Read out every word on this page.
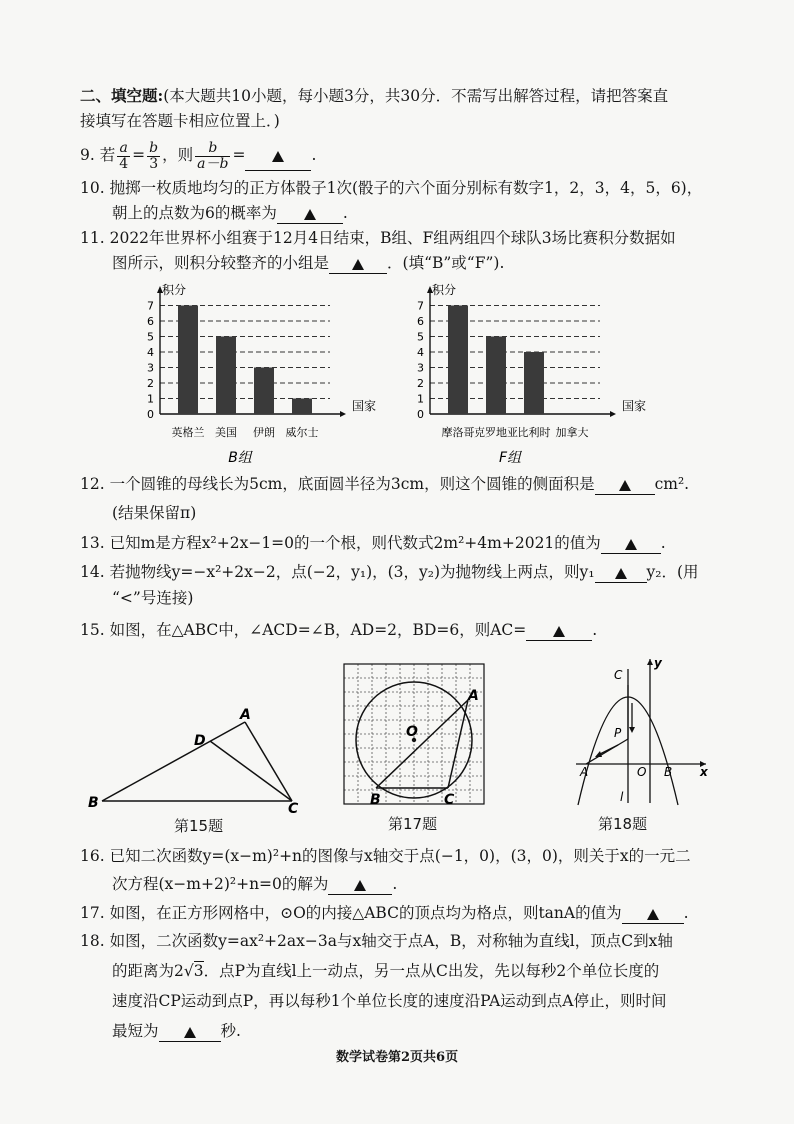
二、填空题:(本大题共10小题，每小题3分，共30分．不需写出解答过程，请把答案直
接填写在答题卡相应位置上．)
9. 若 $\frac{a}{4} = \frac{b}{3}$ ，则 $\frac{b}{a-b}$ =	.
10. 抛掷一枚质地均匀的正方体骰子1次(骰子的六个面分别标有数字1，2，3，4，5，6)，
朝上的点数为6的概率为	.
11. 2022年世界杯小组赛于12月4日结束，B组、F组两组四个球队3场比赛积分数据如
图所示，则积分较整齐的小组是	．(填“B”或“F”).
0
1
2
3
4
5
6
7
积分
国家
英格兰 美国 伊朗 威尔士
B组
0
1
2
3
4
5
6
7
积分
国家
摩洛哥 克罗地亚 比利时 加拿大
F组
12. 一个圆锥的母线长为5cm，底面圆半径为3cm，则这个圆锥的侧面积是	cm².
(结果保留π)
13. 已知m是方程x²+2x−1=0的一个根，则代数式2m²+4m+2021的值为	.
14. 若抛物线y=−x²+2x−2，点(−2，y₁)，(3，y₂)为抛物线上两点，则y₁	y₂．(用
“<”号连接)
15. 如图，在△ABC中，∠ACD=∠B，AD=2，BD=6，则AC=	.
B
A
D
C
第15题
O
A
B	C
第17题
C
y
P
A	O B x
l
第18题
16. 已知二次函数y=(x−m)²+n的图像与x轴交于点(−1，0)，(3，0)，则关于x的一元二
次方程(x−m+2)²+n=0的解为	.
17. 如图，在正方形网格中，⊙O的内接△ABC的顶点均为格点，则tanA的值为	.
18. 如图，二次函数y=ax²+2ax−3a与x轴交于点A，B，对称轴为直线l，顶点C到x轴
的距离为2√3．点P为直线l上一动点，另一点从C出发，先以每秒2个单位长度的
速度沿CP运动到点P，再以每秒1个单位长度的速度沿PA运动到点A停止，则时间
最短为	秒.
数学试卷第2页共6页
